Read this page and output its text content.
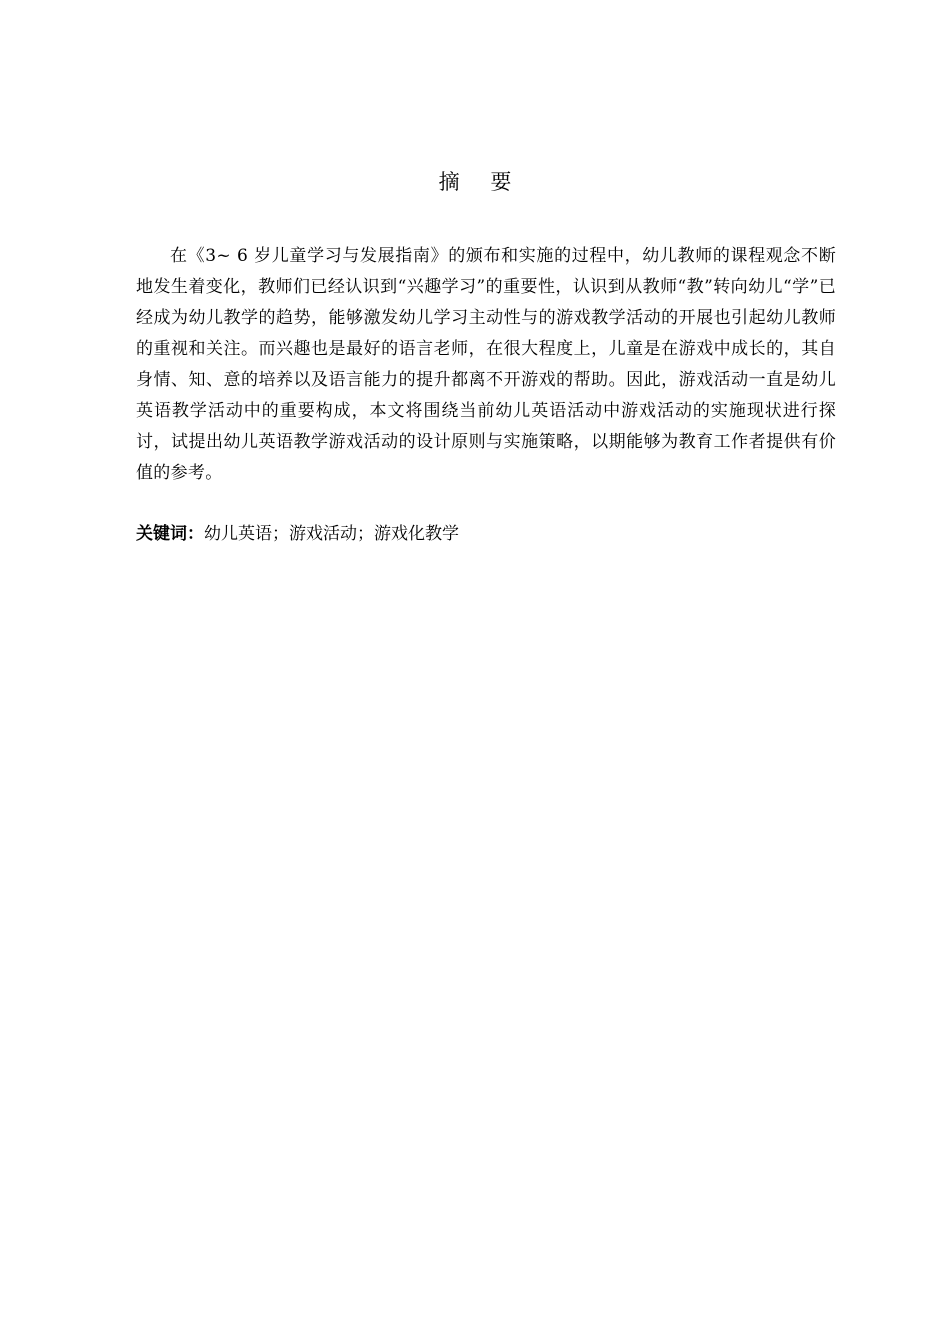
摘 要

在《3~ 6 岁儿童学习与发展指南》的颁布和实施的过程中，幼儿教师的课程观念不断地发生着变化，教师们已经认识到“兴趣学习”的重要性，认识到从教师“教”转向幼儿“学”已经成为幼儿教学的趋势，能够激发幼儿学习主动性与的游戏教学活动的开展也引起幼儿教师的重视和关注。而兴趣也是最好的语言老师，在很大程度上，儿童是在游戏中成长的，其自身情、知、意的培养以及语言能力的提升都离不开游戏的帮助。因此，游戏活动一直是幼儿英语教学活动中的重要构成，本文将围绕当前幼儿英语活动中游戏活动的实施现状进行探讨，试提出幼儿英语教学游戏活动的设计原则与实施策略，以期能够为教育工作者提供有价值的参考。

关键词：幼儿英语；游戏活动；游戏化教学
